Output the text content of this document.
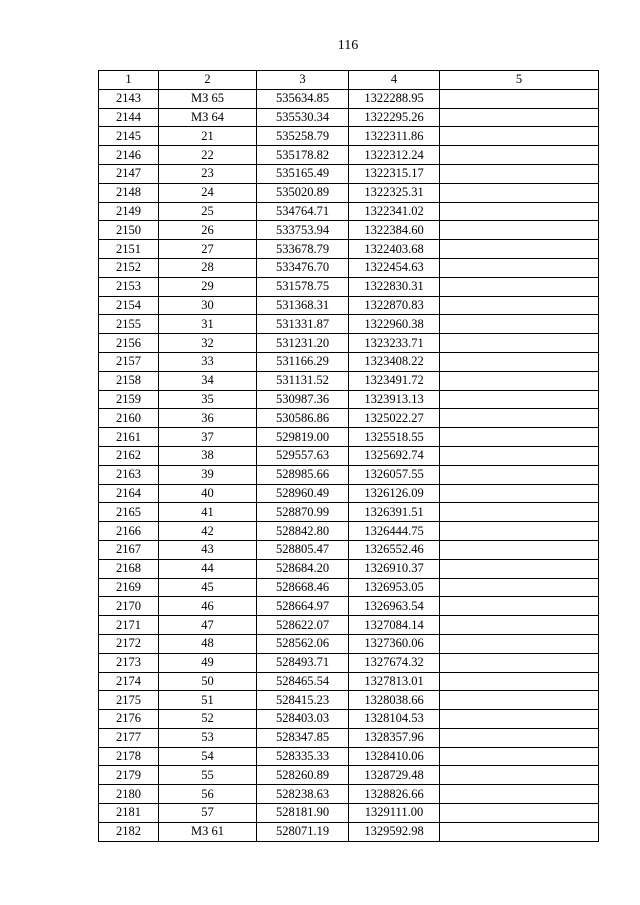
116
1	2	3	4	5
2143	МЗ 65	535634.85	1322288.95	
2144	МЗ 64	535530.34	1322295.26	
2145	21	535258.79	1322311.86	
2146	22	535178.82	1322312.24	
2147	23	535165.49	1322315.17	
2148	24	535020.89	1322325.31	
2149	25	534764.71	1322341.02	
2150	26	533753.94	1322384.60	
2151	27	533678.79	1322403.68	
2152	28	533476.70	1322454.63	
2153	29	531578.75	1322830.31	
2154	30	531368.31	1322870.83	
2155	31	531331.87	1322960.38	
2156	32	531231.20	1323233.71	
2157	33	531166.29	1323408.22	
2158	34	531131.52	1323491.72	
2159	35	530987.36	1323913.13	
2160	36	530586.86	1325022.27	
2161	37	529819.00	1325518.55	
2162	38	529557.63	1325692.74	
2163	39	528985.66	1326057.55	
2164	40	528960.49	1326126.09	
2165	41	528870.99	1326391.51	
2166	42	528842.80	1326444.75	
2167	43	528805.47	1326552.46	
2168	44	528684.20	1326910.37	
2169	45	528668.46	1326953.05	
2170	46	528664.97	1326963.54	
2171	47	528622.07	1327084.14	
2172	48	528562.06	1327360.06	
2173	49	528493.71	1327674.32	
2174	50	528465.54	1327813.01	
2175	51	528415.23	1328038.66	
2176	52	528403.03	1328104.53	
2177	53	528347.85	1328357.96	
2178	54	528335.33	1328410.06	
2179	55	528260.89	1328729.48	
2180	56	528238.63	1328826.66	
2181	57	528181.90	1329111.00	
2182	МЗ 61	528071.19	1329592.98	
